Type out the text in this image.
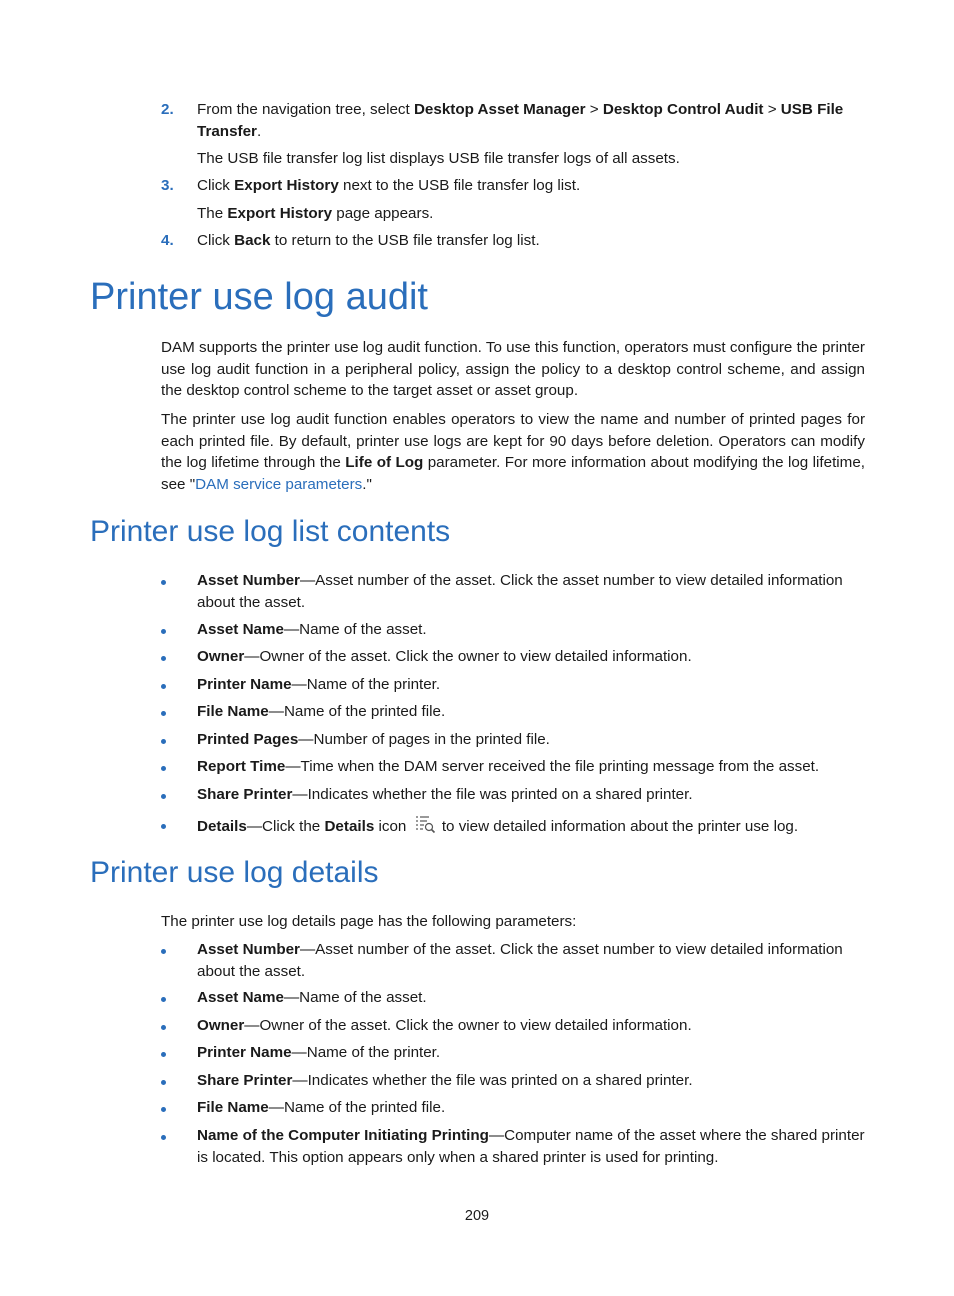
2. From the navigation tree, select Desktop Asset Manager > Desktop Control Audit > USB File Transfer.
The USB file transfer log list displays USB file transfer logs of all assets.
3. Click Export History next to the USB file transfer log list.
The Export History page appears.
4. Click Back to return to the USB file transfer log list.
Printer use log audit
DAM supports the printer use log audit function. To use this function, operators must configure the printer use log audit function in a peripheral policy, assign the policy to a desktop control scheme, and assign the desktop control scheme to the target asset or asset group.
The printer use log audit function enables operators to view the name and number of printed pages for each printed file. By default, printer use logs are kept for 90 days before deletion. Operators can modify the log lifetime through the Life of Log parameter. For more information about modifying the log lifetime, see "DAM service parameters."
Printer use log list contents
Asset Number—Asset number of the asset. Click the asset number to view detailed information about the asset.
Asset Name—Name of the asset.
Owner—Owner of the asset. Click the owner to view detailed information.
Printer Name—Name of the printer.
File Name—Name of the printed file.
Printed Pages—Number of pages in the printed file.
Report Time—Time when the DAM server received the file printing message from the asset.
Share Printer—Indicates whether the file was printed on a shared printer.
Details—Click the Details icon  to view detailed information about the printer use log.
Printer use log details
The printer use log details page has the following parameters:
Asset Number—Asset number of the asset. Click the asset number to view detailed information about the asset.
Asset Name—Name of the asset.
Owner—Owner of the asset. Click the owner to view detailed information.
Printer Name—Name of the printer.
Share Printer—Indicates whether the file was printed on a shared printer.
File Name—Name of the printed file.
Name of the Computer Initiating Printing—Computer name of the asset where the shared printer is located. This option appears only when a shared printer is used for printing.
209
